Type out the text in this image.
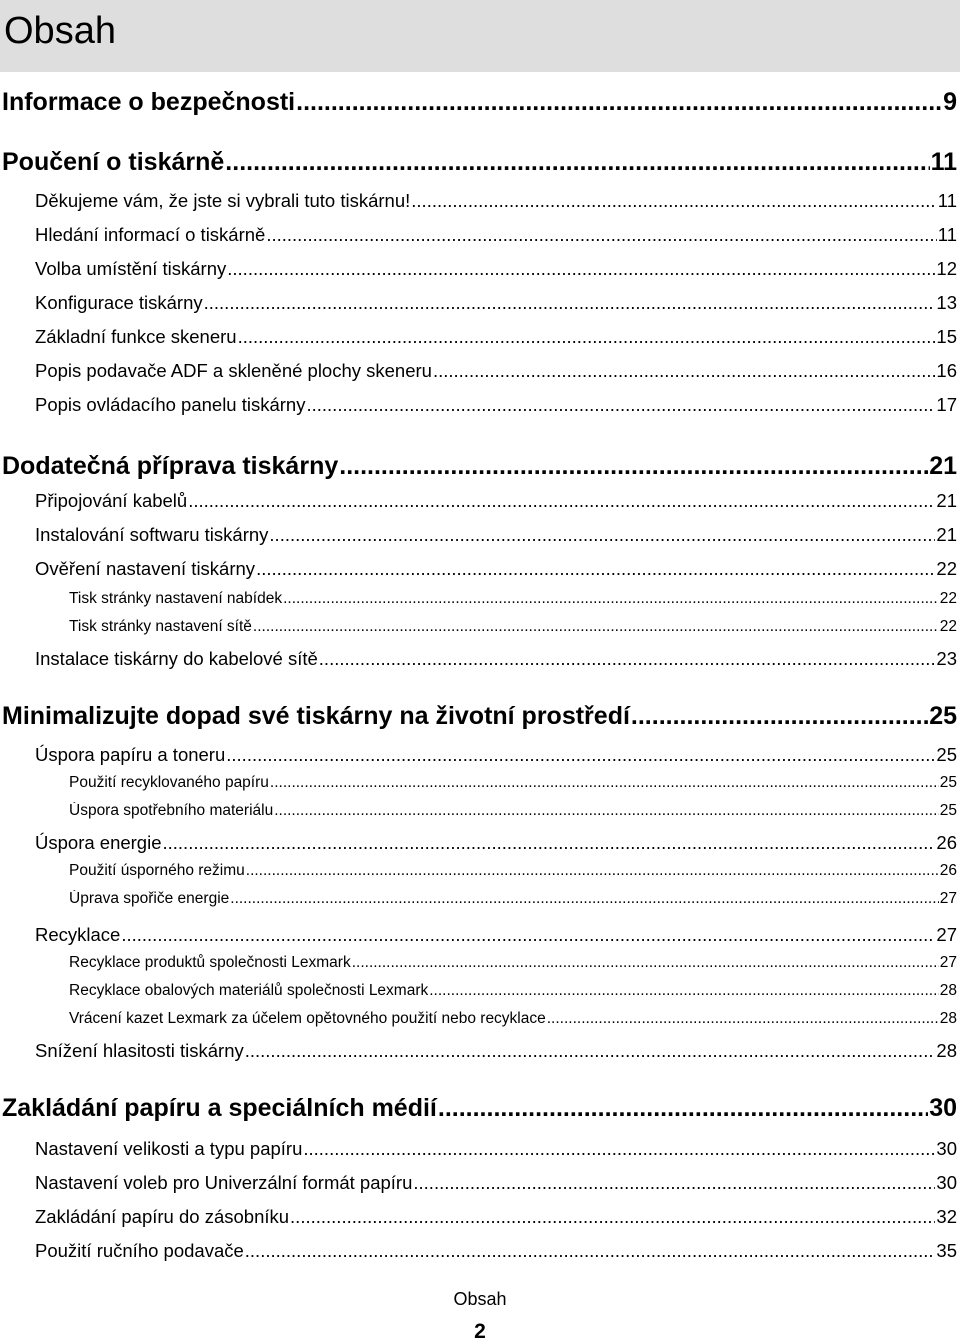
Obsah
Informace o bezpečnosti .....	9
Poučení o tiskárně .....	11
Děkujeme vám, že jste si vybrali tuto tiskárnu! .....	11
Hledání informací o tiskárně .....	11
Volba umístění tiskárny .....	12
Konfigurace tiskárny .....	13
Základní funkce skeneru .....	15
Popis podavače ADF a skleněné plochy skeneru .....	16
Popis ovládacího panelu tiskárny .....	17
Dodatečná příprava tiskárny .....	21
Připojování kabelů .....	21
Instalování softwaru tiskárny .....	21
Ověření nastavení tiskárny .....	22
Tisk stránky nastavení nabídek .....	22
Tisk stránky nastavení sítě .....	22
Instalace tiskárny do kabelové sítě .....	23
Minimalizujte dopad své tiskárny na životní prostředí .....	25
Úspora papíru a toneru .....	25
Použití recyklovaného papíru .....	25
Úspora spotřebního materiálu .....	25
Úspora energie .....	26
Použití úsporného režimu .....	26
Úprava spořiče energie .....	27
Recyklace .....	27
Recyklace produktů společnosti Lexmark .....	27
Recyklace obalových materiálů společnosti Lexmark .....	28
Vrácení kazet Lexmark za účelem opětovného použití nebo recyklace .....	28
Snížení hlasitosti tiskárny .....	28
Zakládání papíru a speciálních médií .....	30
Nastavení velikosti a typu papíru .....	30
Nastavení voleb pro Univerzální formát papíru .....	30
Zakládání papíru do zásobníku .....	32
Použití ručního podavače .....	35
Obsah
2
